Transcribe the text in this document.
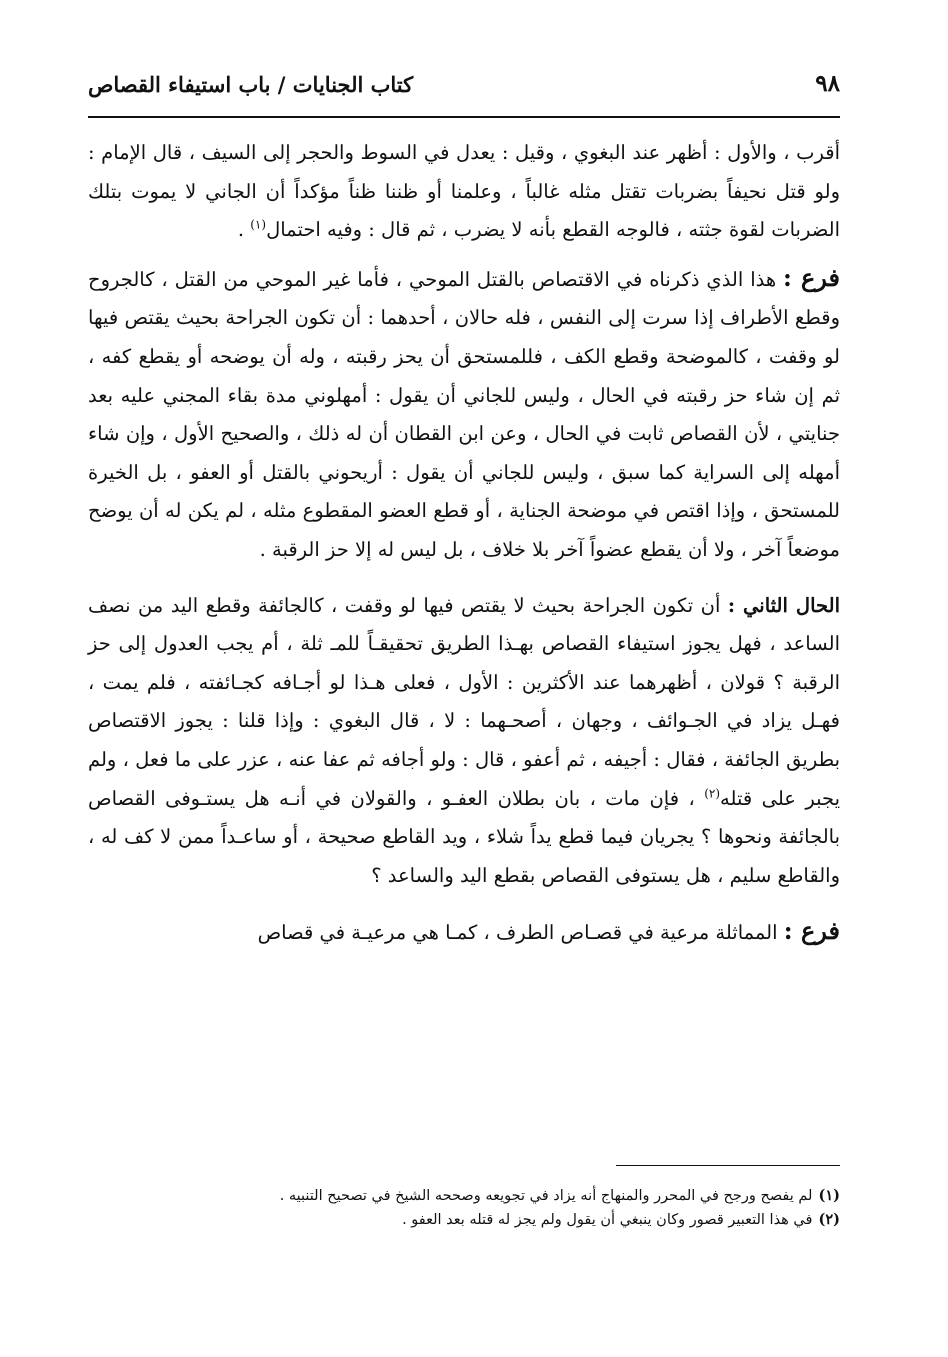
٩٨
كتاب الجنايات / باب استيفاء القصاص

أقرب ، والأول : أظهر عند البغوي ، وقيل : يعدل في السوط والحجر إلى السيف ، قال الإمام : ولو قتل نحيفاً بضربات تقتل مثله غالباً ، وعلمنا أو ظننا ظناً مؤكداً أن الجاني لا يموت بتلك الضربات لقوة جثته ، فالوجه القطع بأنه لا يضرب ، ثم قال : وفيه احتمال$^{(١)}$ .

فرع : هذا الذي ذكرناه في الاقتصاص بالقتل الموحي ، فأما غير الموحي من القتل ، كالجروح وقطع الأطراف إذا سرت إلى النفس ، فله حالان ، أحدهما : أن تكون الجراحة بحيث يقتص فيها لو وقفت ، كالموضحة وقطع الكف ، فللمستحق أن يحز رقبته ، وله أن يوضحه أو يقطع كفه ، ثم إن شاء حز رقبته في الحال ، وليس للجاني أن يقول : أمهلوني مدة بقاء المجني عليه بعد جنايتي ، لأن القصاص ثابت في الحال ، وعن ابن القطان أن له ذلك ، والصحيح الأول ، وإن شاء أمهله إلى السراية كما سبق ، وليس للجاني أن يقول : أريحوني بالقتل أو العفو ، بل الخيرة للمستحق ، وإذا اقتص في موضحة الجناية ، أو قطع العضو المقطوع مثله ، لم يكن له أن يوضح موضعاً آخر ، ولا أن يقطع عضواً آخر بلا خلاف ، بل ليس له إلا حز الرقبة .

الحال الثاني : أن تكون الجراحة بحيث لا يقتص فيها لو وقفت ، كالجائفة وقطع اليد من نصف الساعد ، فهل يجوز استيفاء القصاص بهـذا الطريق تحقيقـاً للمـ ثلة ، أم يجب العدول إلى حز الرقبة ؟ قولان ، أظهرهما عند الأكثرين : الأول ، فعلى هـذا لو أجـافه كجـائفته ، فلم يمت ، فهـل يزاد في الجـوائف ، وجهان ، أصحـهما : لا ، قال البغوي : وإذا قلنا : يجوز الاقتصاص بطريق الجائفة ، فقال : أجيفه ، ثم أعفو ، قال : ولو أجافه ثم عفا عنه ، عزر على ما فعل ، ولم يجبر على قتله$^{(٢)}$ ، فإن مات ، بان بطلان العفـو ، والقولان في أنـه هل يستـوفى القصاص بالجائفة ونحوها ؟ يجريان فيما قطع يداً شلاء ، ويد القاطع صحيحة ، أو ساعـداً ممن لا كف له ، والقاطع سليم ، هل يستوفى القصاص بقطع اليد والساعد ؟

فرع : المماثلة مرعية في قصـاص الطرف ، كمـا هي مرعيـة في قصاص

(١)لم يفصح ورجح في المحرر والمنهاج أنه يزاد في تجويعه وصححه الشيخ في تصحيح التنبيه .

(٢)في هذا التعبير قصور وكان ينبغي أن يقول ولم يجز له قتله بعد العفو .
